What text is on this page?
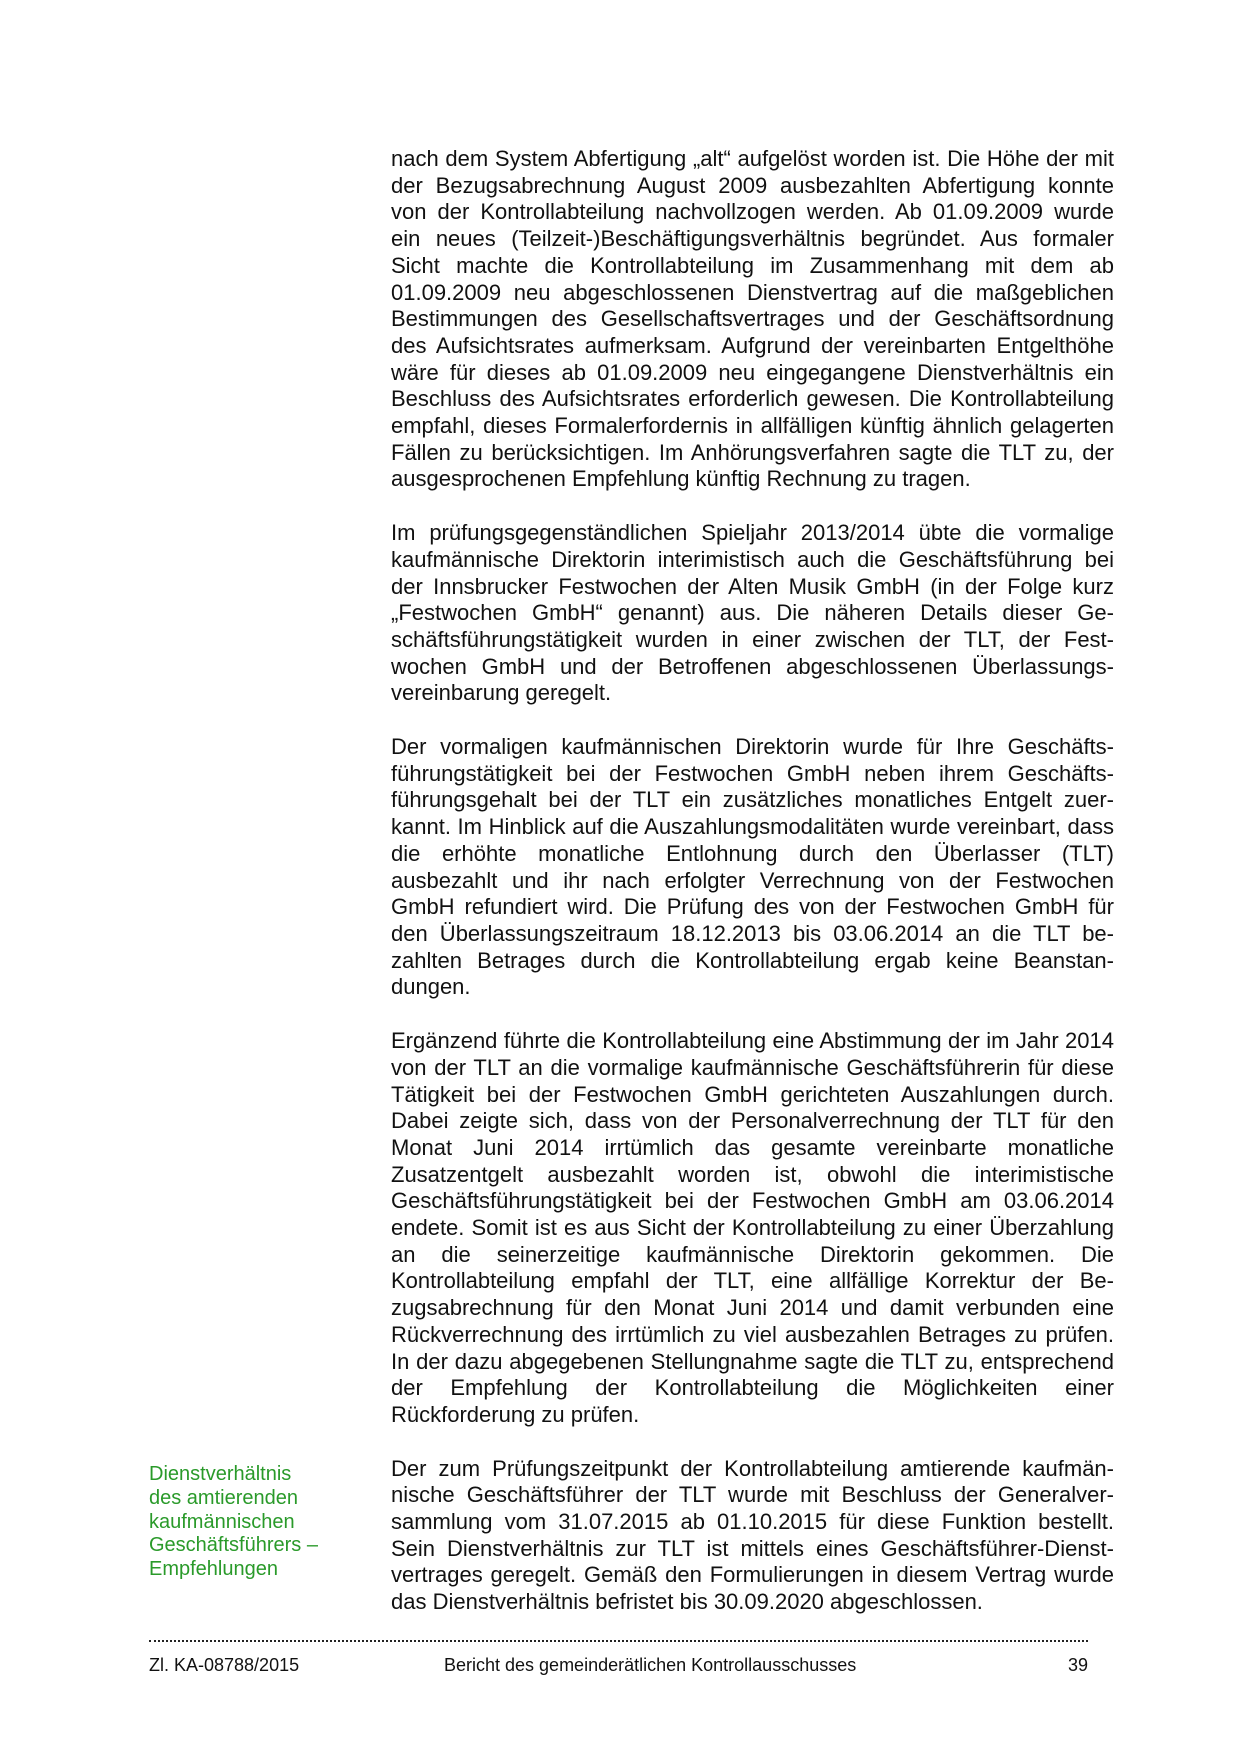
nach dem System Abfertigung „alt“ aufgelöst worden ist. Die Höhe der mit der Bezugsabrechnung August 2009 ausbezahlten Abfertigung konnte von der Kontrollabteilung nachvollzogen werden. Ab 01.09.2009 wurde ein neues (Teilzeit-)Beschäftigungsverhältnis begründet. Aus formaler Sicht machte die Kontrollabteilung im Zusammenhang mit dem ab 01.09.2009 neu abgeschlossenen Dienstvertrag auf die maßgeblichen Bestimmungen des Gesellschaftsvertrages und der Geschäftsordnung des Aufsichtsrates aufmerksam. Aufgrund der vereinbarten Entgelthöhe wäre für dieses ab 01.09.2009 neu eingegangene Dienstverhältnis ein Beschluss des Aufsichtsrates erforderlich gewesen. Die Kontrollabteilung empfahl, dieses Formalerfordernis in allfälligen künftig ähnlich gelagerten Fällen zu berücksichtigen. Im Anhörungsverfahren sagte die TLT zu, der ausgesprochenen Empfehlung künftig Rechnung zu tragen.

Im prüfungsgegenständlichen Spieljahr 2013/2014 übte die vormalige kaufmännische Direktorin interimistisch auch die Geschäftsführung bei der Innsbrucker Festwochen der Alten Musik GmbH (in der Folge kurz „Festwochen GmbH“ genannt) aus. Die näheren Details dieser Geschäftsführungstätigkeit wurden in einer zwischen der TLT, der Festwochen GmbH und der Betroffenen abgeschlossenen Überlassungsvereinbarung geregelt.

Der vormaligen kaufmännischen Direktorin wurde für Ihre Geschäftsführungstätigkeit bei der Festwochen GmbH neben ihrem Geschäftsführungsgehalt bei der TLT ein zusätzliches monatliches Entgelt zuerkannt. Im Hinblick auf die Auszahlungsmodalitäten wurde vereinbart, dass die erhöhte monatliche Entlohnung durch den Überlasser (TLT) ausbezahlt und ihr nach erfolgter Verrechnung von der Festwochen GmbH refundiert wird. Die Prüfung des von der Festwochen GmbH für den Überlassungszeitraum 18.12.2013 bis 03.06.2014 an die TLT bezahlten Betrages durch die Kontrollabteilung ergab keine Beanstandungen.

Ergänzend führte die Kontrollabteilung eine Abstimmung der im Jahr 2014 von der TLT an die vormalige kaufmännische Geschäftsführerin für diese Tätigkeit bei der Festwochen GmbH gerichteten Auszahlungen durch. Dabei zeigte sich, dass von der Personalverrechnung der TLT für den Monat Juni 2014 irrtümlich das gesamte vereinbarte monatliche Zusatzentgelt ausbezahlt worden ist, obwohl die interimistische Geschäftsführungstätigkeit bei der Festwochen GmbH am 03.06.2014 endete. Somit ist es aus Sicht der Kontrollabteilung zu einer Überzahlung an die seinerzeitige kaufmännische Direktorin gekommen. Die Kontrollabteilung empfahl der TLT, eine allfällige Korrektur der Bezugsabrechnung für den Monat Juni 2014 und damit verbunden eine Rückverrechnung des irrtümlich zu viel ausbezahlen Betrages zu prüfen. In der dazu abgegebenen Stellungnahme sagte die TLT zu, entsprechend der Empfehlung der Kontrollabteilung die Möglichkeiten einer Rückforderung zu prüfen.

Der zum Prüfungszeitpunkt der Kontrollabteilung amtierende kaufmännische Geschäftsführer der TLT wurde mit Beschluss der Generalversammlung vom 31.07.2015 ab 01.10.2015 für diese Funktion bestellt. Sein Dienstverhältnis zur TLT ist mittels eines Geschäftsführer-Dienstvertrages geregelt. Gemäß den Formulierungen in diesem Vertrag wurde das Dienstverhältnis befristet bis 30.09.2020 abgeschlossen.

Dienstverhältnis
des amtierenden
kaufmännischen
Geschäftsführers –
Empfehlungen
Zl. KA-08788/2015	Bericht des gemeinderätlichen Kontrollausschusses	39
